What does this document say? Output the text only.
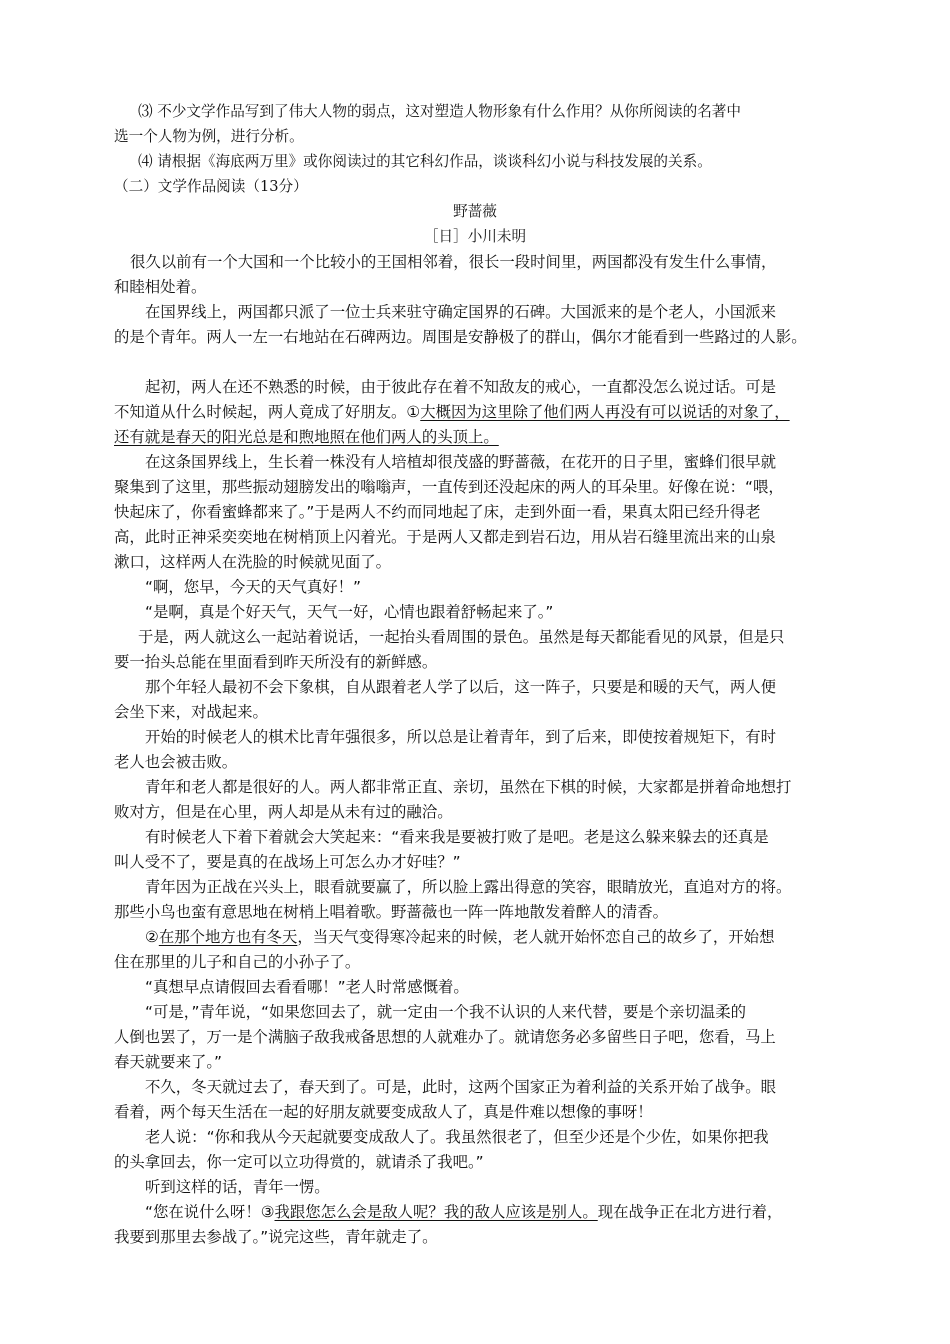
⑶ 不少文学作品写到了伟大人物的弱点，这对塑造人物形象有什么作用？从你所阅读的名著中
选一个人物为例，进行分析。
⑷ 请根据《海底两万里》或你阅读过的其它科幻作品，谈谈科幻小说与科技发展的关系。
（二）文学作品阅读（13分）
野蔷薇
［日］小川未明
很久以前有一个大国和一个比较小的王国相邻着，很长一段时间里，两国都没有发生什么事情，
和睦相处着。
在国界线上，两国都只派了一位士兵来驻守确定国界的石碑。大国派来的是个老人，小国派来
的是个青年。两人一左一右地站在石碑两边。周围是安静极了的群山，偶尔才能看到一些路过的人影。
起初，两人在还不熟悉的时候，由于彼此存在着不知敌友的戒心，一直都没怎么说过话。可是
不知道从什么时候起，两人竟成了好朋友。①大概因为这里除了他们两人再没有可以说话的对象了，
还有就是春天的阳光总是和煦地照在他们两人的头顶上。
在这条国界线上，生长着一株没有人培植却很茂盛的野蔷薇，在花开的日子里，蜜蜂们很早就
聚集到了这里，那些振动翅膀发出的嗡嗡声，一直传到还没起床的两人的耳朵里。好像在说：“喂，
快起床了，你看蜜蜂都来了。”于是两人不约而同地起了床，走到外面一看，果真太阳已经升得老
高，此时正神采奕奕地在树梢顶上闪着光。于是两人又都走到岩石边，用从岩石缝里流出来的山泉
漱口，这样两人在洗脸的时候就见面了。
“啊，您早，今天的天气真好！”
“是啊，真是个好天气，天气一好，心情也跟着舒畅起来了。”
于是，两人就这么一起站着说话，一起抬头看周围的景色。虽然是每天都能看见的风景，但是只
要一抬头总能在里面看到昨天所没有的新鲜感。
那个年轻人最初不会下象棋，自从跟着老人学了以后，这一阵子，只要是和暖的天气，两人便
会坐下来，对战起来。
开始的时候老人的棋术比青年强很多，所以总是让着青年，到了后来，即使按着规矩下，有时
老人也会被击败。
青年和老人都是很好的人。两人都非常正直、亲切，虽然在下棋的时候，大家都是拼着命地想打
败对方，但是在心里，两人却是从未有过的融洽。
有时候老人下着下着就会大笑起来：“看来我是要被打败了是吧。老是这么躲来躲去的还真是
叫人受不了，要是真的在战场上可怎么办才好哇？”
青年因为正战在兴头上，眼看就要赢了，所以脸上露出得意的笑容，眼睛放光，直追对方的将。
那些小鸟也蛮有意思地在树梢上唱着歌。野蔷薇也一阵一阵地散发着醉人的清香。
②在那个地方也有冬天，当天气变得寒冷起来的时候，老人就开始怀恋自己的故乡了，开始想
住在那里的儿子和自己的小孙子了。
“真想早点请假回去看看哪！”老人时常感慨着。
“可是，”青年说，“如果您回去了，就一定由一个我不认识的人来代替，要是个亲切温柔的
人倒也罢了，万一是个满脑子敌我戒备思想的人就难办了。就请您务必多留些日子吧，您看，马上
春天就要来了。”
不久，冬天就过去了，春天到了。可是，此时，这两个国家正为着利益的关系开始了战争。眼
看着，两个每天生活在一起的好朋友就要变成敌人了，真是件难以想像的事呀！
老人说：“你和我从今天起就要变成敌人了。我虽然很老了，但至少还是个少佐，如果你把我
的头拿回去，你一定可以立功得赏的，就请杀了我吧。”
听到这样的话，青年一愣。
“您在说什么呀！③我跟您怎么会是敌人呢？我的敌人应该是别人。现在战争正在北方进行着，
我要到那里去参战了。”说完这些，青年就走了。
